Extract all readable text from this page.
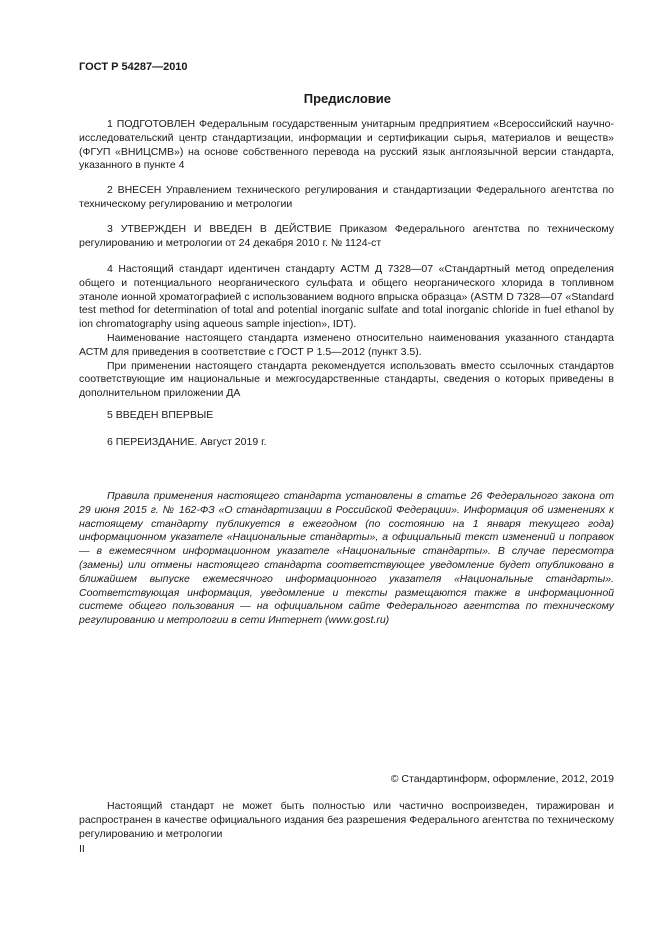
ГОСТ Р 54287—2010
Предисловие

1 ПОДГОТОВЛЕН Федеральным государственным унитарным предприятием «Всероссийский научно-исследовательский центр стандартизации, информации и сертификации сырья, материалов и веществ» (ФГУП «ВНИЦСМВ») на основе собственного перевода на русский язык англоязычной версии стандарта, указанного в пункте 4

2 ВНЕСЕН Управлением технического регулирования и стандартизации Федерального агентства по техническому регулированию и метрологии

3 УТВЕРЖДЕН И ВВЕДЕН В ДЕЙСТВИЕ Приказом Федерального агентства по техническому регулированию и метрологии от 24 декабря 2010 г. № 1124-ст

4 Настоящий стандарт идентичен стандарту АСТМ Д 7328—07 «Стандартный метод определения общего и потенциального неорганического сульфата и общего неорганического хлорида в топливном этаноле ионной хроматографией с использованием водного впрыска образца» (ASTM D 7328—07 «Standard test method for determination of total and potential inorganic sulfate and total inorganic chloride in fuel ethanol by ion chromatography using aqueous sample injection», IDT).

Наименование настоящего стандарта изменено относительно наименования указанного стандарта АСТМ для приведения в соответствие с ГОСТ Р 1.5—2012 (пункт 3.5).

При применении настоящего стандарта рекомендуется использовать вместо ссылочных стандартов соответствующие им национальные и межгосударственные стандарты, сведения о которых приведены в дополнительном приложении ДА

5 ВВЕДЕН ВПЕРВЫЕ

6 ПЕРЕИЗДАНИЕ. Август 2019 г.

Правила применения настоящего стандарта установлены в статье 26 Федерального закона от 29 июня 2015 г. № 162-ФЗ «О стандартизации в Российской Федерации». Информация об изменениях к настоящему стандарту публикуется в ежегодном (по состоянию на 1 января текущего года) информационном указателе «Национальные стандарты», а официальный текст изменений и поправок — в ежемесячном информационном указателе «Национальные стандарты». В случае пересмотра (замены) или отмены настоящего стандарта соответствующее уведомление будет опубликовано в ближайшем выпуске ежемесячного информационного указателя «Национальные стандарты». Соответствующая информация, уведомление и тексты размещаются также в информационной системе общего пользования — на официальном сайте Федерального агентства по техническому регулированию и метрологии в сети Интернет (www.gost.ru)

© Стандартинформ, оформление, 2012, 2019

Настоящий стандарт не может быть полностью или частично воспроизведен, тиражирован и распространен в качестве официального издания без разрешения Федерального агентства по техническому регулированию и метрологии

II
